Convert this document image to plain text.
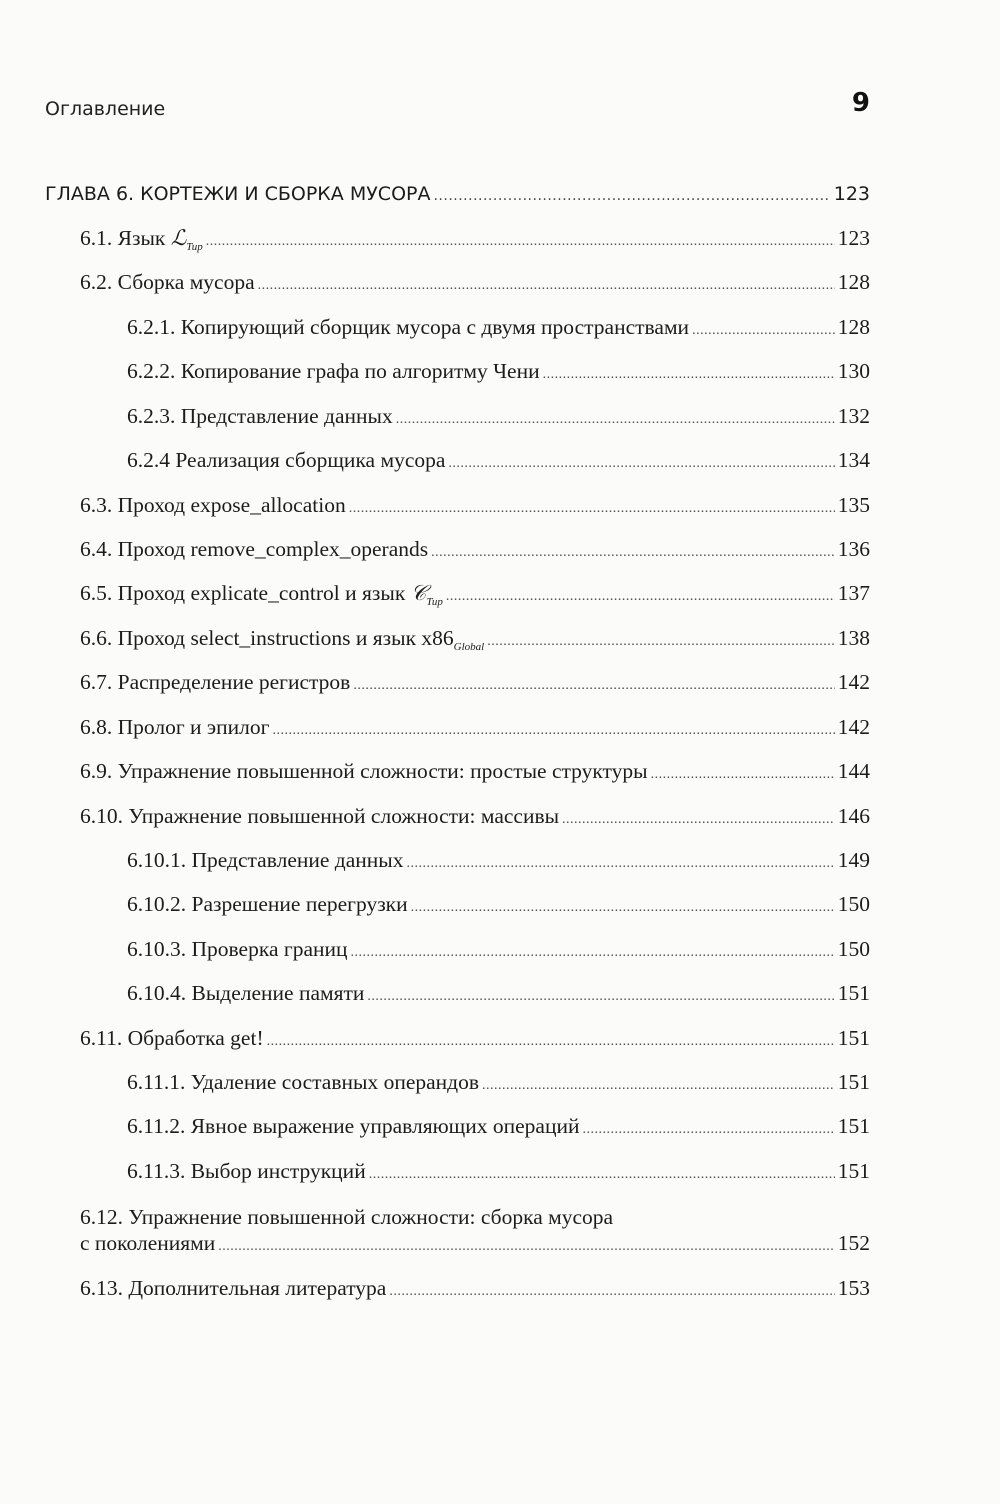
Оглавление	9
ГЛАВА 6. КОРТЕЖИ И СБОРКА МУСОРА .....	123
6.1. Язык ℒ$_{Tup}$ .....	123
6.2. Сборка мусора .....	128
6.2.1. Копирующий сборщик мусора с двумя пространствами .....	128
6.2.2. Копирование графа по алгоритму Чени .....	130
6.2.3. Представление данных .....	132
6.2.4 Реализация сборщика мусора .....	134
6.3. Проход expose_allocation .....	135
6.4. Проход remove_complex_operands .....	136
6.5. Проход explicate_control и язык 𝒞$_{Tup}$ .....	137
6.6. Проход select_instructions и язык $x86_{Global}$ .....	138
6.7. Распределение регистров .....	142
6.8. Пролог и эпилог .....	142
6.9. Упражнение повышенной сложности: простые структуры .....	144
6.10. Упражнение повышенной сложности: массивы .....	146
6.10.1. Представление данных .....	149
6.10.2. Разрешение перегрузки .....	150
6.10.3. Проверка границ .....	150
6.10.4. Выделение памяти .....	151
6.11. Обработка get! .....	151
6.11.1. Удаление составных операндов .....	151
6.11.2. Явное выражение управляющих операций .....	151
6.11.3. Выбор инструкций .....	151
6.12. Упражнение повышенной сложности: сборка мусора
с поколениями .....	152
6.13. Дополнительная литература .....	153
